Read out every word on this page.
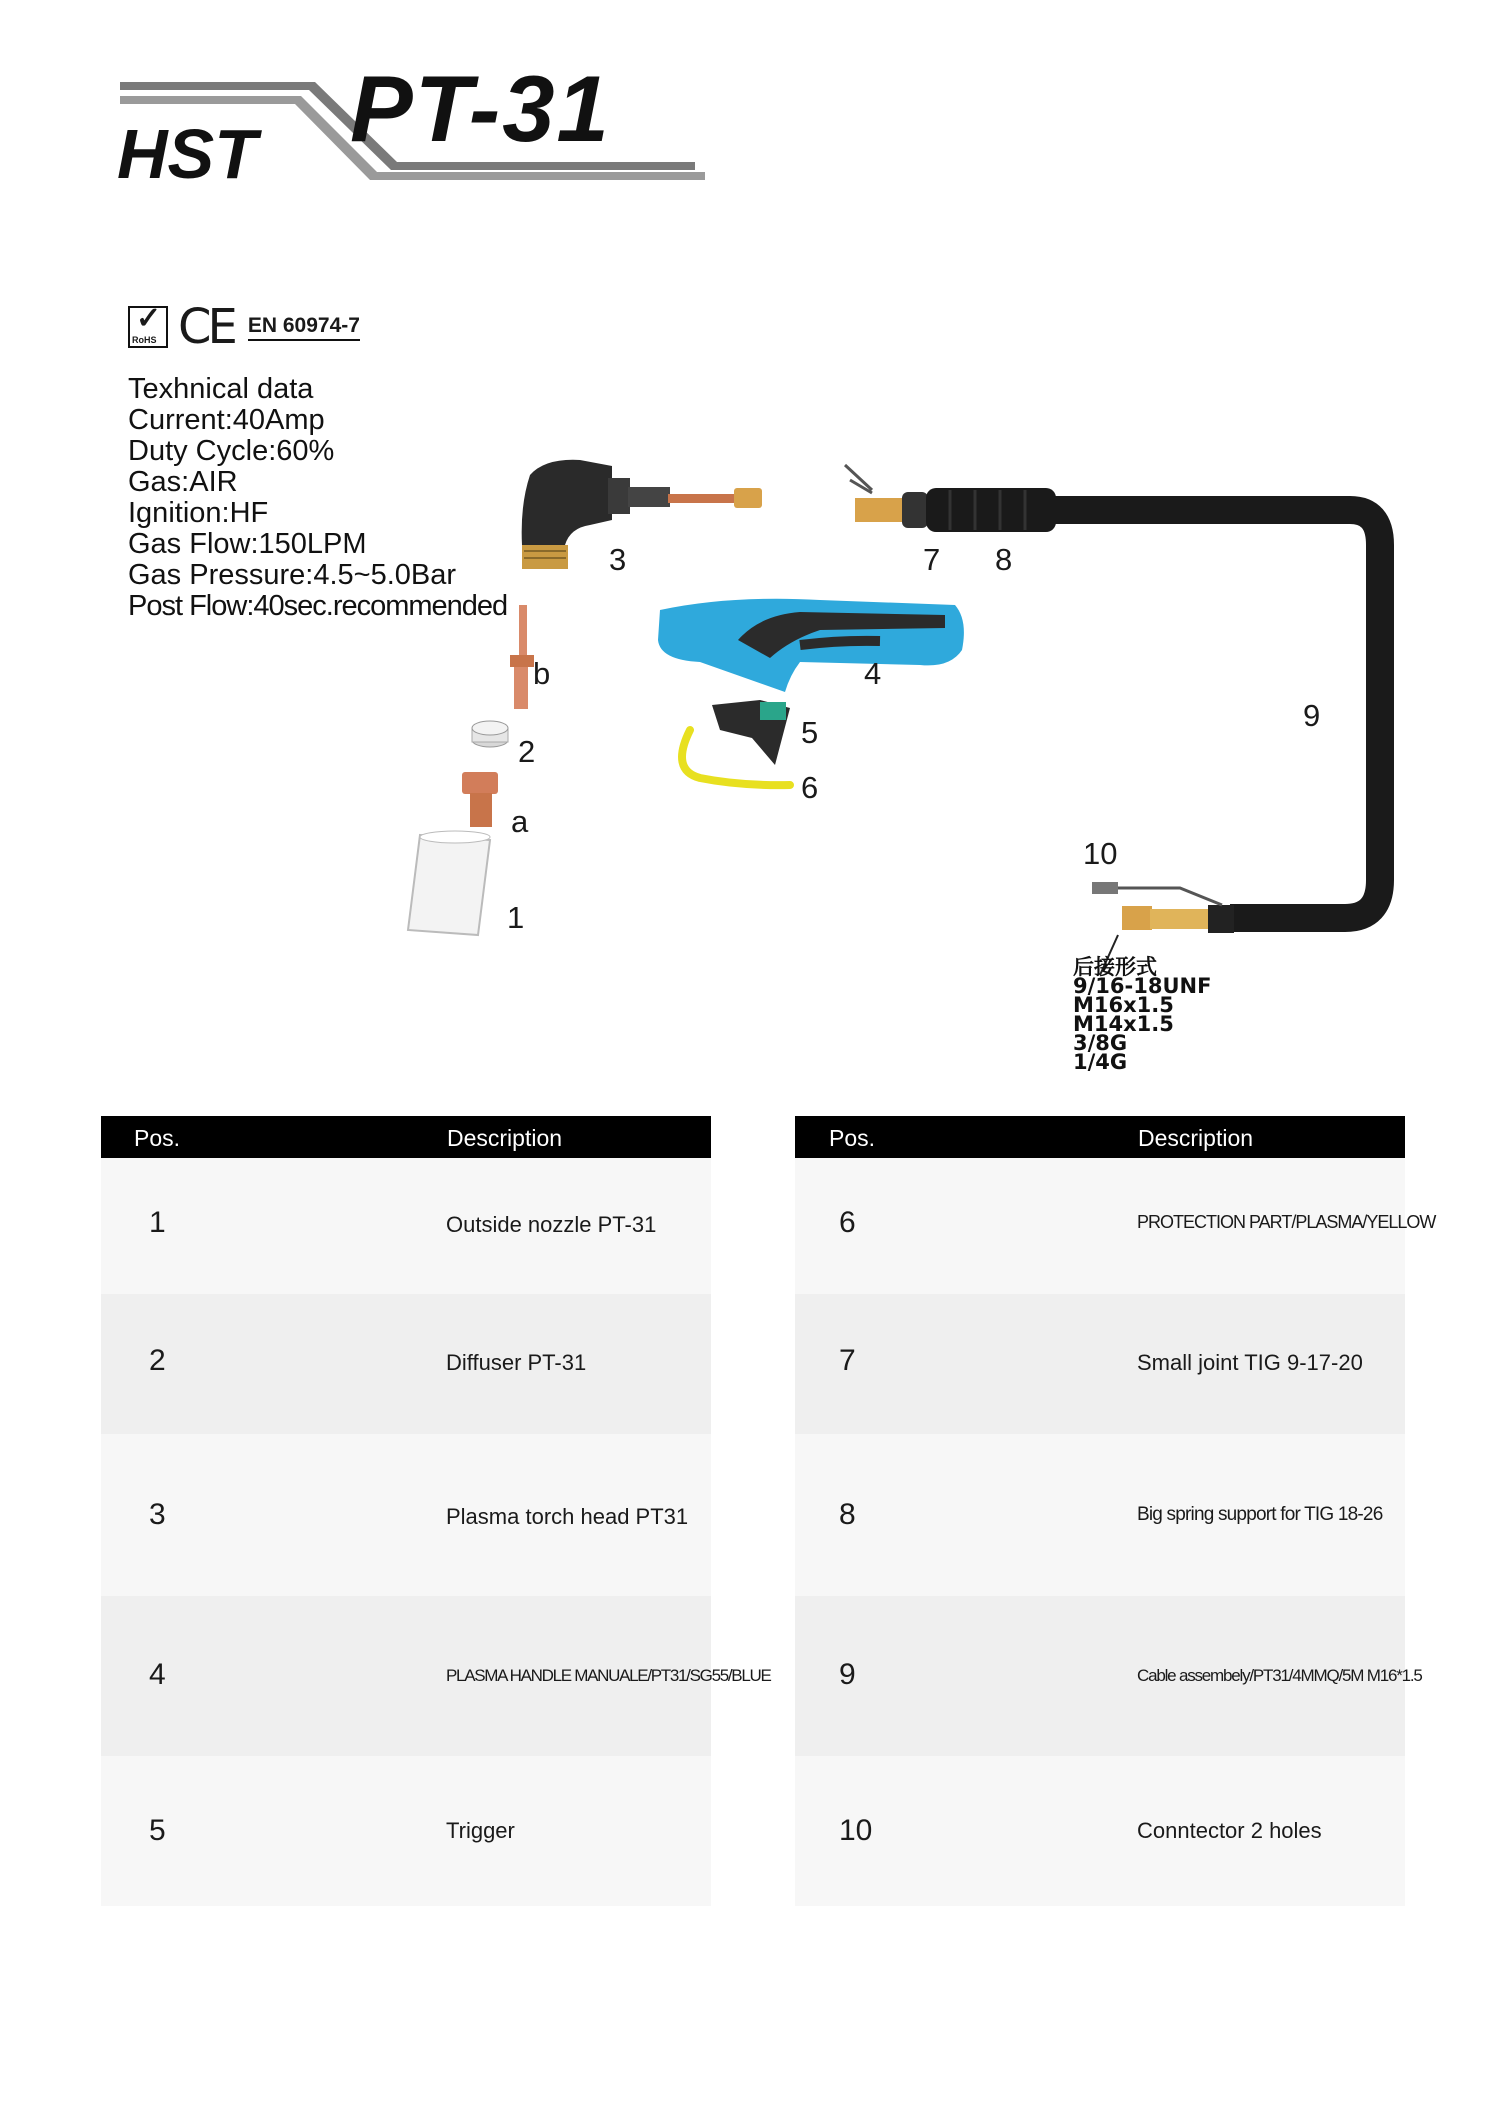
HST PT-31
✓
RoHS CE EN 60974-7
Texhnical data
Current:40Amp
Duty Cycle:60%
Gas:AIR
Ignition:HF
Gas Flow:150LPM
Gas Pressure:4.5~5.0Bar
Post Flow:40sec.recommended
3	7 8
b	4
9
5
2
6
a
10
1
后接形式
9/16-18UNF
M16x1.5
M14x1.5
3/8G
1/4G
Pos.	Description
1	Outside nozzle PT-31
2	Diffuser PT-31
3	Plasma torch head PT31
4	PLASMA HANDLE MANUALE/PT31/SG55/BLUE
5	Trigger
Pos.	Description
6	PROTECTION PART/PLASMA/YELLOW
7	Small joint TIG 9-17-20
8	Big spring support for TIG 18-26
9	Cable assembely/PT31/4MMQ/5M M16*1.5
10	Conntector 2 holes
